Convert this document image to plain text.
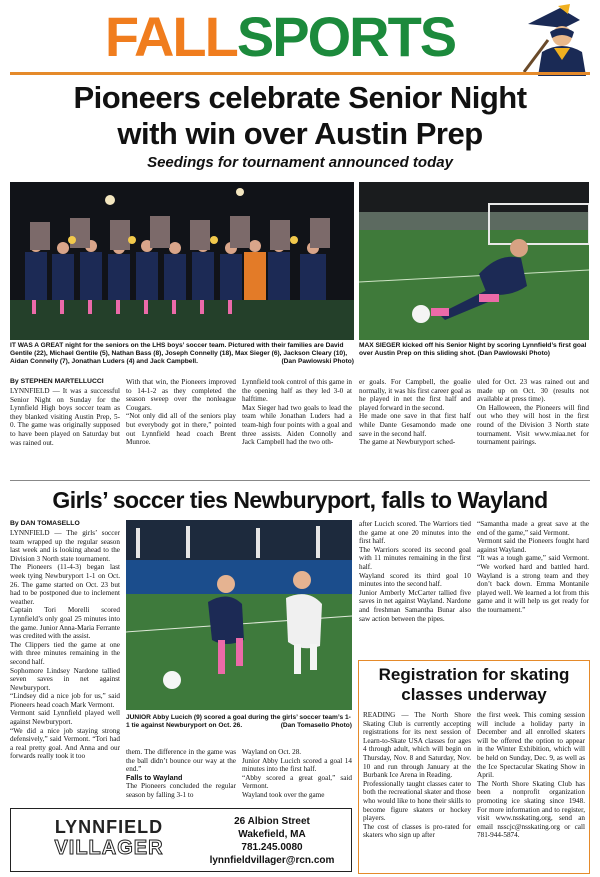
FALLSPORTS
Pioneers celebrate Senior Night
with win over Austin Prep
Seedings for tournament announced today
IT WAS A GREAT night for the seniors on the LHS boys’ soccer team. Pictured with their families are David Gentile (22), Michael Gentile (5), Nathan Bass (8), Joseph Connelly (18), Max Sieger (6), Jackson Cleary (10), Aidan Connelly (7), Jonathan Luders (4) and Jack Campbell.	(Dan Pawlowski Photo)
MAX SIEGER kicked off his Senior Night by scoring Lynnfield’s first goal over Austin Prep on this sliding shot. (Dan Pawlowski Photo)
By STEPHEN MARTELLUCCI
LYNNFIELD — It was a successful Senior Night on Sunday for the Lynnfield High boys soccer team as they blanked visiting Austin Prep, 5-0. The game was originally supposed to have been played on Saturday but was rained out.
With that win, the Pioneers improved to 14-1-2 as they completed the season sweep over the nonleague Cougars.
“Not only did all of the seniors play but everybody got in there,” pointed out Lynnfield head coach Brent Munroe.
Lynnfield took control of this game in the opening half as they led 3-0 at halftime.
Max Sieger had two goals to lead the team while Jonathan Luders had a team-high four points with a goal and three assists. Aiden Connolly and Jack Campbell had the two oth-
er goals. For Campbell, the goalie normally, it was his first career goal as he played in net the first half and played forward in the second.
He made one save in that first half while Dante Gesamondo made one save in the second half.
The game at Newburyport sched-
uled for Oct. 23 was rained out and made up on Oct. 30 (results not available at press time).
On Halloween, the Pioneers will find out who they will host in the first round of the Division 3 North state tournament. Visit www.miaa.net for tournament pairings.
Girls’ soccer ties Newburyport, falls to Wayland
By DAN TOMASELLO
LYNNFIELD — The girls’ soccer team wrapped up the regular season last week and is looking ahead to the Division 3 North state tournament.
The Pioneers (11-4-3) began last week tying Newburyport 1-1 on Oct. 26. The game started on Oct. 23 but had to be postponed due to inclement weather.
Captain Tori Morelli scored Lynnfield’s only goal 25 minutes into the game. Junior Anna-Maria Ferrante was credited with the assist.
The Clippers tied the game at one with three minutes remaining in the second half.
Sophomore Lindsey Nardone tallied seven saves in net against Newburyport.
“Lindsey did a nice job for us,” said Pioneers head coach Mark Vermont.
Vermont said Lynnfield played well against Newburyport.
“We did a nice job staying strong defensively,” said Vermont. “Tori had a real pretty goal. And Anna and our forwards really took it too
JUNIOR Abby Lucich (9) scored a goal during the girls’ soccer team’s 1-1 tie against Newburyport on Oct. 26.	(Dan Tomasello Photo)
them. The difference in the game was the ball didn’t bounce our way at the end.”
Falls to Wayland
The Pioneers concluded the regular season by falling 3-1 to
Wayland on Oct. 28.
Junior Abby Lucich scored a goal 14 minutes into the first half.
“Abby scored a great goal,” said Vermont.
Wayland took over the game
after Lucich scored. The Warriors tied the game at one 20 minutes into the first half.
The Warriors scored its second goal with 11 minutes remaining in the first half.
Wayland scored its third goal 10 minutes into the second half.
Junior Amberly McCarter tallied five saves in net against Wayland. Nardone and freshman Samantha Bunar also saw action between the pipes.
“Samantha made a great save at the end of the game,” said Vermont.
Vermont said the Pioneers fought hard against Wayland.
“It was a tough game,” said Vermont. “We worked hard and battled hard. Wayland is a strong team and they don’t back down. Emma Montanile played well. We learned a lot from this game and it will help us get ready for the tournament.”
Registration for skating classes underway
READING — The North Shore Skating Club is currently accepting registrations for its next session of Learn-to-Skate USA classes for ages 4 through adult, which will begin on Thursday, Nov. 8 and Saturday, Nov. 10 and run through January at the Burbank Ice Arena in Reading.
Professionally taught classes cater to both the recreational skater and those who would like to hone their skills to become figure skaters or hockey players.
The cost of classes is pro-rated for skaters who sign up after
the first week. This coming session will include a holiday party in December and all enrolled skaters will be offered the option to appear in the Winter Exhibition, which will be held on Sunday, Dec. 9, as well as the Ice Spectacular Skating Show in April.
The North Shore Skating Club has been a nonprofit organization promoting ice skating since 1948. For more information and to register, visit www.nsskating.org, send an email nsscjc@nsskating.org or call 781-944-5874.
LYNNFIELD
VILLAGER
26 Albion Street
Wakefield, MA
781.245.0080
lynnfieldvillager@rcn.com
